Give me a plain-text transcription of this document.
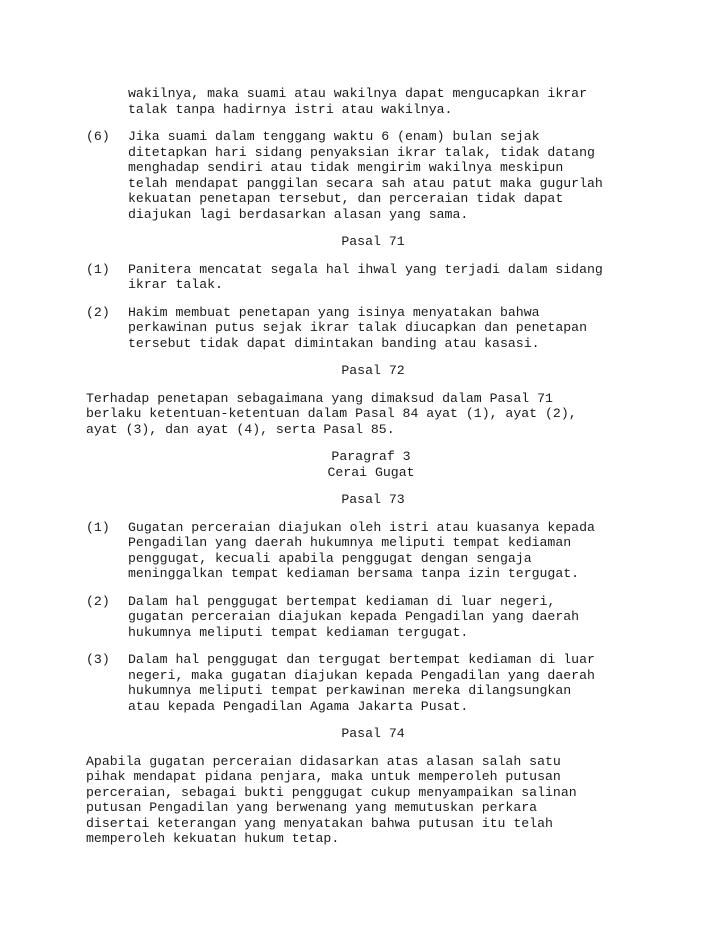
wakilnya, maka suami atau wakilnya dapat mengucapkan ikrar
talak tanpa hadirnya istri atau wakilnya.
(6) Jika suami dalam tenggang waktu 6 (enam) bulan sejak
ditetapkan hari sidang penyaksian ikrar talak, tidak datang
menghadap sendiri atau tidak mengirim wakilnya meskipun
telah mendapat panggilan secara sah atau patut maka gugurlah
kekuatan penetapan tersebut, dan perceraian tidak dapat
diajukan lagi berdasarkan alasan yang sama.
Pasal 71
(1) Panitera mencatat segala hal ihwal yang terjadi dalam sidang
ikrar talak.
(2) Hakim membuat penetapan yang isinya menyatakan bahwa
perkawinan putus sejak ikrar talak diucapkan dan penetapan
tersebut tidak dapat dimintakan banding atau kasasi.
Pasal 72
Terhadap penetapan sebagaimana yang dimaksud dalam Pasal 71
berlaku ketentuan-ketentuan dalam Pasal 84 ayat (1), ayat (2),
ayat (3), dan ayat (4), serta Pasal 85.
Paragraf 3
Cerai Gugat
Pasal 73
(1) Gugatan perceraian diajukan oleh istri atau kuasanya kepada
Pengadilan yang daerah hukumnya meliputi tempat kediaman
penggugat, kecuali apabila penggugat dengan sengaja
meninggalkan tempat kediaman bersama tanpa izin tergugat.
(2) Dalam hal penggugat bertempat kediaman di luar negeri,
gugatan perceraian diajukan kepada Pengadilan yang daerah
hukumnya meliputi tempat kediaman tergugat.
(3) Dalam hal penggugat dan tergugat bertempat kediaman di luar
negeri, maka gugatan diajukan kepada Pengadilan yang daerah
hukumnya meliputi tempat perkawinan mereka dilangsungkan
atau kepada Pengadilan Agama Jakarta Pusat.
Pasal 74
Apabila gugatan perceraian didasarkan atas alasan salah satu
pihak mendapat pidana penjara, maka untuk memperoleh putusan
perceraian, sebagai bukti penggugat cukup menyampaikan salinan
putusan Pengadilan yang berwenang yang memutuskan perkara
disertai keterangan yang menyatakan bahwa putusan itu telah
memperoleh kekuatan hukum tetap.
